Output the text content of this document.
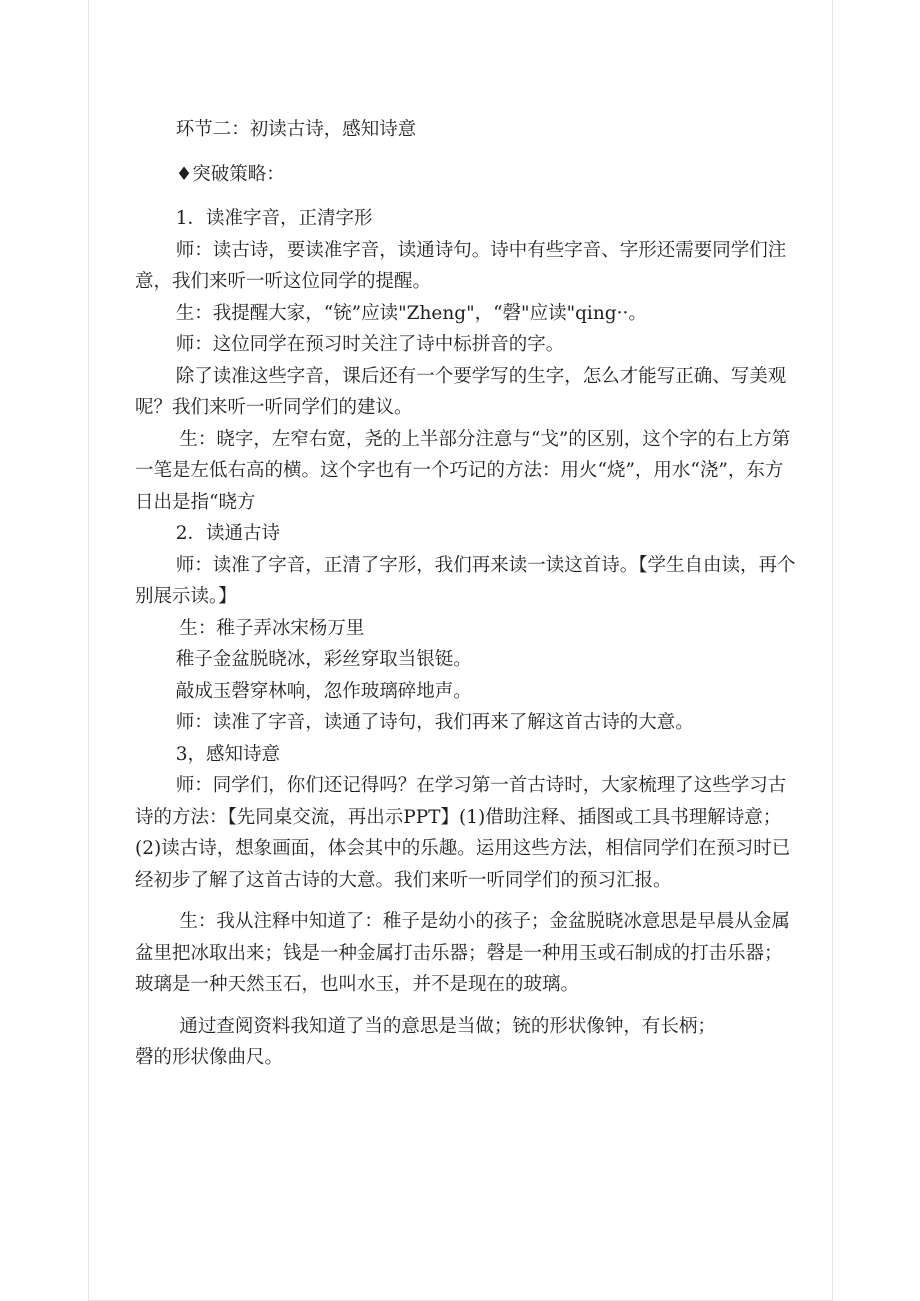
环节二：初读古诗，感知诗意

♦突破策略：

1．读准字音，正清字形

师：读古诗，要读准字音，读通诗句。诗中有些字音、字形还需要同学们注意，我们来听一听这位同学的提醒。

生：我提醒大家，“铳”应读"Zheng"，“磬"应读"qing··。

师：这位同学在预习时关注了诗中标拼音的字。

除了读准这些字音，课后还有一个要学写的生字，怎么才能写正确、写美观呢？我们来听一听同学们的建议。

生：晓字，左窄右宽，尧的上半部分注意与“戈”的区别，这个字的右上方第一笔是左低右高的横。这个字也有一个巧记的方法：用火“烧”，用水“浇”，东方日出是指“晓方

2．读通古诗

师：读准了字音，正清了字形，我们再来读一读这首诗。【学生自由读，再个别展示读。】

生：稚子弄冰宋杨万里

稚子金盆脱晓冰，彩丝穿取当银铤。

敲成玉磬穿林响，忽作玻璃碎地声。

师：读准了字音，读通了诗句，我们再来了解这首古诗的大意。

3，感知诗意

师：同学们，你们还记得吗？在学习第一首古诗时，大家梳理了这些学习古诗的方法：【先同桌交流，再出示PPT】(1)借助注释、插图或工具书理解诗意；(2)读古诗，想象画面，体会其中的乐趣。运用这些方法，相信同学们在预习时已经初步了解了这首古诗的大意。我们来听一听同学们的预习汇报。

生：我从注释中知道了：稚子是幼小的孩子；金盆脱晓冰意思是早晨从金属盆里把冰取出来；钱是一种金属打击乐器；磬是一种用玉或石制成的打击乐器；玻璃是一种天然玉石，也叫水玉，并不是现在的玻璃。

通过查阅资料我知道了当的意思是当做；铳的形状像钟，有长柄；

磬的形状像曲尺。
